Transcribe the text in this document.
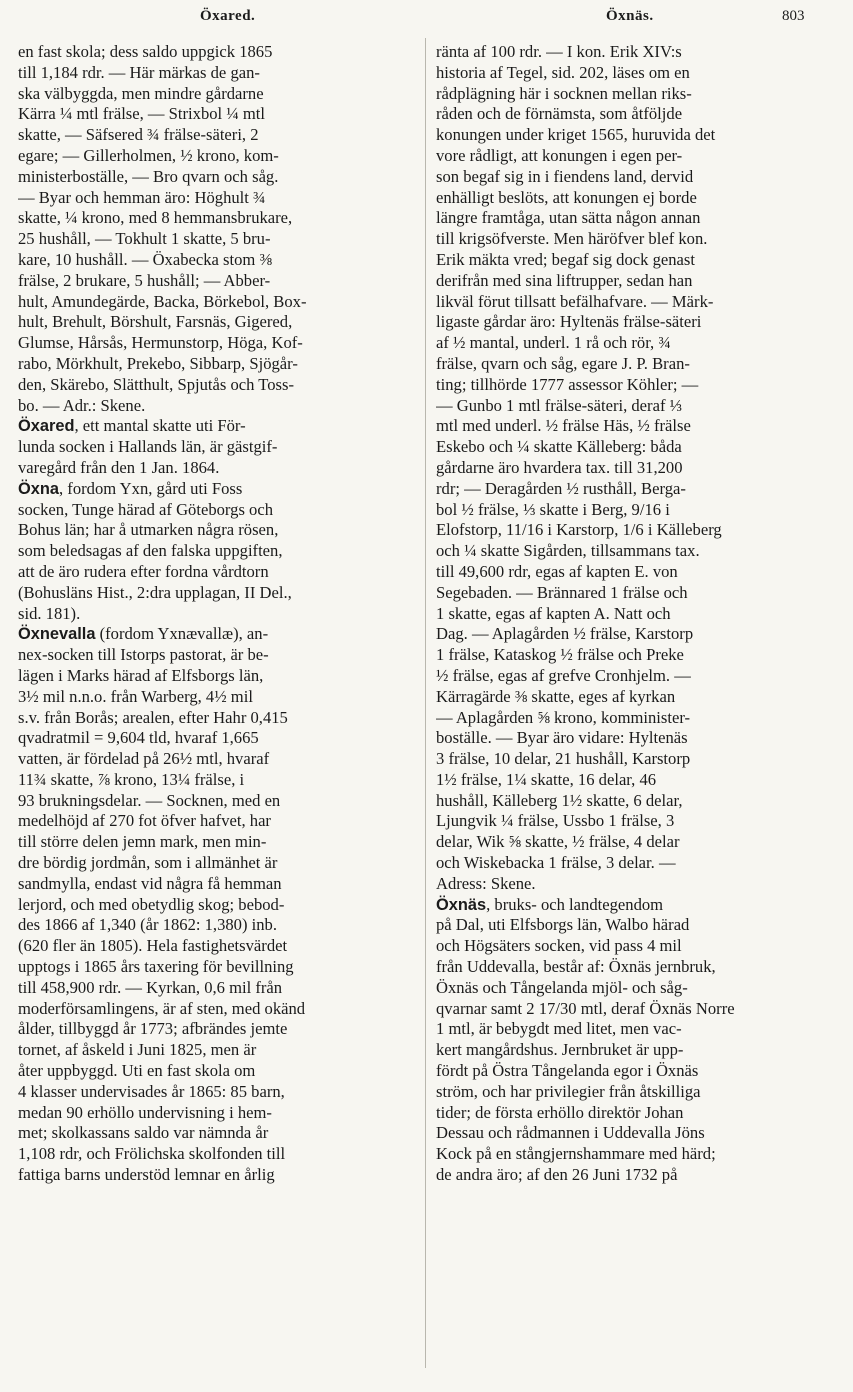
Öxared.	Öxnäs.	803
en fast skola; dess saldo uppgick 1865
till 1,184 rdr. — Här märkas de gan-
ska välbyggda, men mindre gårdarne
Kärra ¼ mtl frälse, — Strixbol ¼ mtl
skatte, — Säfsered ¾ frälse-säteri, 2
egare; — Gillerholmen, ½ krono, kom-
ministerboställe, — Bro qvarn och såg.
— Byar och hemman äro: Höghult ¾
skatte, ¼ krono, med 8 hemmansbrukare,
25 hushåll, — Tokhult 1 skatte, 5 bru-
kare, 10 hushåll. — Öxabecka stom ⅜
frälse, 2 brukare, 5 hushåll; — Abber-
hult, Amundegärde, Backa, Börkebol, Box-
hult, Brehult, Börshult, Farsnäs, Gigered,
Glumse, Hårsås, Hermunstorp, Höga, Kof-
rabo, Mörkhult, Prekebo, Sibbarp, Sjögår-
den, Skärebo, Slätthult, Spjutås och Toss-
bo. — Adr.: Skene.
Öxared, ett mantal skatte uti För-
lunda socken i Hallands län, är gästgif-
varegård från den 1 Jan. 1864.
Öxna, fordom Yxn, gård uti Foss
socken, Tunge härad af Göteborgs och
Bohus län; har å utmarken några rösen,
som beledsagas af den falska uppgiften,
att de äro rudera efter fordna vårdtorn
(Bohusläns Hist., 2:dra upplagan, II Del.,
sid. 181).
Öxnevalla (fordom Yxnævallæ), an-
nex-socken till Istorps pastorat, är be-
lägen i Marks härad af Elfsborgs län,
3½ mil n.n.o. från Warberg, 4½ mil
s.v. från Borås; arealen, efter Hahr 0,415
qvadratmil = 9,604 tld, hvaraf 1,665
vatten, är fördelad på 26½ mtl, hvaraf
11¾ skatte, ⅞ krono, 13¼ frälse, i
93 brukningsdelar. — Socknen, med en
medelhöjd af 270 fot öfver hafvet, har
till större delen jemn mark, men min-
dre bördig jordmån, som i allmänhet är
sandmylla, endast vid några få hemman
lerjord, och med obetydlig skog; bebod-
des 1866 af 1,340 (år 1862: 1,380) inb.
(620 fler än 1805). Hela fastighetsvärdet
upptogs i 1865 års taxering för bevillning
till 458,900 rdr. — Kyrkan, 0,6 mil från
moderförsamlingens, är af sten, med okänd
ålder, tillbyggd år 1773; afbrändes jemte
tornet, af åskeld i Juni 1825, men är
åter uppbyggd. Uti en fast skola om
4 klasser undervisades år 1865: 85 barn,
medan 90 erhöllo undervisning i hem-
met; skolkassans saldo var nämnda år
1,108 rdr, och Frölichska skolfonden till
fattiga barns understöd lemnar en årlig
ränta af 100 rdr. — I kon. Erik XIV:s
historia af Tegel, sid. 202, läses om en
rådplägning här i socknen mellan riks-
råden och de förnämsta, som åtföljde
konungen under kriget 1565, huruvida det
vore rådligt, att konungen i egen per-
son begaf sig in i fiendens land, dervid
enhälligt beslöts, att konungen ej borde
längre framtåga, utan sätta någon annan
till krigsöfverste. Men häröfver blef kon.
Erik mäkta vred; begaf sig dock genast
derifrån med sina liftrupper, sedan han
likväl förut tillsatt befälhafvare. — Märk-
ligaste gårdar äro: Hyltenäs frälse-säteri
af ½ mantal, underl. 1 rå och rör, ¾
frälse, qvarn och såg, egare J. P. Bran-
ting; tillhörde 1777 assessor Köhler; —
— Gunbo 1 mtl frälse-säteri, deraf ⅓
mtl med underl. ½ frälse Häs, ½ frälse
Eskebo och ¼ skatte Källeberg: båda
gårdarne äro hvardera tax. till 31,200
rdr; — Deragården ½ rusthåll, Berga-
bol ½ frälse, ⅓ skatte i Berg, 9/16 i
Elofstorp, 11/16 i Karstorp, 1/6 i Källeberg
och ¼ skatte Sigården, tillsammans tax.
till 49,600 rdr, egas af kapten E. von
Segebaden. — Brännared 1 frälse och
1 skatte, egas af kapten A. Natt och
Dag. — Aplagården ½ frälse, Karstorp
1 frälse, Kataskog ½ frälse och Preke
½ frälse, egas af grefve Cronhjelm. —
Kärragärde ⅜ skatte, eges af kyrkan
— Aplagården ⅝ krono, komminister-
boställe. — Byar äro vidare: Hyltenäs
3 frälse, 10 delar, 21 hushåll, Karstorp
1½ frälse, 1¼ skatte, 16 delar, 46
hushåll, Källeberg 1½ skatte, 6 delar,
Ljungvik ¼ frälse, Ussbo 1 frälse, 3
delar, Wik ⅝ skatte, ½ frälse, 4 delar
och Wiskebacka 1 frälse, 3 delar. —
Adress: Skene.
Öxnäs, bruks- och landtegendom
på Dal, uti Elfsborgs län, Walbo härad
och Högsäters socken, vid pass 4 mil
från Uddevalla, består af: Öxnäs jernbruk,
Öxnäs och Tångelanda mjöl- och såg-
qvarnar samt 2 17/30 mtl, deraf Öxnäs Norre
1 mtl, är bebygdt med litet, men vac-
kert mangårdshus. Jernbruket är upp-
fördt på Östra Tångelanda egor i Öxnäs
ström, och har privilegier från åtskilliga
tider; de första erhöllo direktör Johan
Dessau och rådmannen i Uddevalla Jöns
Kock på en stångjernshammare med härd;
de andra äro; af den 26 Juni 1732 på
